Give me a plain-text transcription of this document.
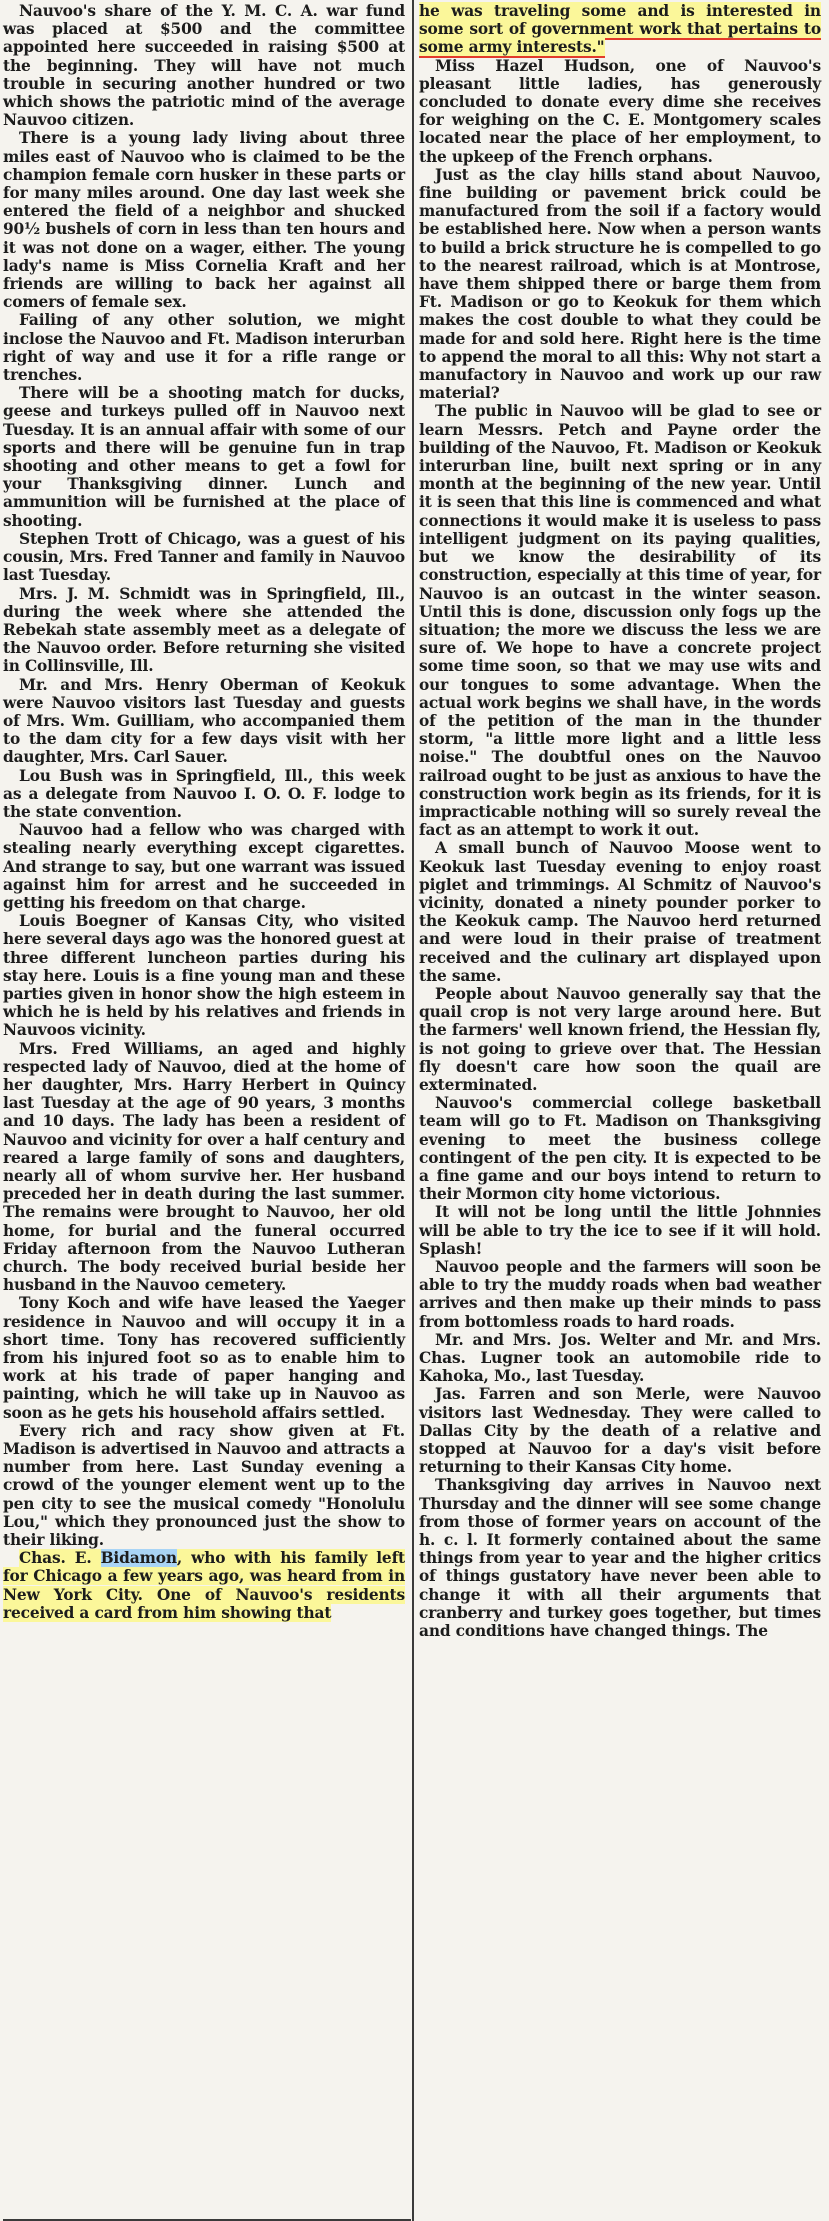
Nauvoo's share of the Y. M. C. A. war fund was placed at $500 and the committee appointed here succeeded in raising $500 at the beginning. They will have not much trouble in securing another hundred or two which shows the patriotic mind of the average Nauvoo citizen.

There is a young lady living about three miles east of Nauvoo who is claimed to be the champion female corn husker in these parts or for many miles around. One day last week she entered the field of a neighbor and shucked 90½ bushels of corn in less than ten hours and it was not done on a wager, either. The young lady's name is Miss Cornelia Kraft and her friends are willing to back her against all comers of female sex.

Failing of any other solution, we might inclose the Nauvoo and Ft. Madison interurban right of way and use it for a rifle range or trenches.

There will be a shooting match for ducks, geese and turkeys pulled off in Nauvoo next Tuesday. It is an annual affair with some of our sports and there will be genuine fun in trap shooting and other means to get a fowl for your Thanksgiving dinner. Lunch and ammunition will be furnished at the place of shooting.

Stephen Trott of Chicago, was a guest of his cousin, Mrs. Fred Tanner and family in Nauvoo last Tuesday.

Mrs. J. M. Schmidt was in Springfield, Ill., during the week where she attended the Rebekah state assembly meet as a delegate of the Nauvoo order. Before returning she visited in Collinsville, Ill.

Mr. and Mrs. Henry Oberman of Keokuk were Nauvoo visitors last Tuesday and guests of Mrs. Wm. Guilliam, who accompanied them to the dam city for a few days visit with her daughter, Mrs. Carl Sauer.

Lou Bush was in Springfield, Ill., this week as a delegate from Nauvoo I. O. O. F. lodge to the state convention.

Nauvoo had a fellow who was charged with stealing nearly everything except cigarettes. And strange to say, but one warrant was issued against him for arrest and he succeeded in getting his freedom on that charge.

Louis Boegner of Kansas City, who visited here several days ago was the honored guest at three different luncheon parties during his stay here. Louis is a fine young man and these parties given in honor show the high esteem in which he is held by his relatives and friends in Nauvoos vicinity.

Mrs. Fred Williams, an aged and highly respected lady of Nauvoo, died at the home of her daughter, Mrs. Harry Herbert in Quincy last Tuesday at the age of 90 years, 3 months and 10 days. The lady has been a resident of Nauvoo and vicinity for over a half century and reared a large family of sons and daughters, nearly all of whom survive her. Her husband preceded her in death during the last summer. The remains were brought to Nauvoo, her old home, for burial and the funeral occurred Friday afternoon from the Nauvoo Lutheran church. The body received burial beside her husband in the Nauvoo cemetery.

Tony Koch and wife have leased the Yaeger residence in Nauvoo and will occupy it in a short time. Tony has recovered sufficiently from his injured foot so as to enable him to work at his trade of paper hanging and painting, which he will take up in Nauvoo as soon as he gets his household affairs settled.

Every rich and racy show given at Ft. Madison is advertised in Nauvoo and attracts a number from here. Last Sunday evening a crowd of the younger element went up to the pen city to see the musical comedy "Honolulu Lou," which they pronounced just the show to their liking.

Chas. E. Bidamon, who with his family left for Chicago a few years ago, was heard from in New York City. One of Nauvoo's residents received a card from him showing that

he was traveling some and is interested in some sort of government work that pertains to some army interests."

Miss Hazel Hudson, one of Nauvoo's pleasant little ladies, has generously concluded to donate every dime she receives for weighing on the C. E. Montgomery scales located near the place of her employment, to the upkeep of the French orphans.

Just as the clay hills stand about Nauvoo, fine building or pavement brick could be manufactured from the soil if a factory would be established here. Now when a person wants to build a brick structure he is compelled to go to the nearest railroad, which is at Montrose, have them shipped there or barge them from Ft. Madison or go to Keokuk for them which makes the cost double to what they could be made for and sold here. Right here is the time to append the moral to all this: Why not start a manufactory in Nauvoo and work up our raw material?

The public in Nauvoo will be glad to see or learn Messrs. Petch and Payne order the building of the Nauvoo, Ft. Madison or Keokuk interurban line, built next spring or in any month at the beginning of the new year. Until it is seen that this line is commenced and what connections it would make it is useless to pass intelligent judgment on its paying qualities, but we know the desirability of its construction, especially at this time of year, for Nauvoo is an outcast in the winter season. Until this is done, discussion only fogs up the situation; the more we discuss the less we are sure of. We hope to have a concrete project some time soon, so that we may use wits and our tongues to some advantage. When the actual work begins we shall have, in the words of the petition of the man in the thunder storm, "a little more light and a little less noise." The doubtful ones on the Nauvoo railroad ought to be just as anxious to have the construction work begin as its friends, for it is impracticable nothing will so surely reveal the fact as an attempt to work it out.

A small bunch of Nauvoo Moose went to Keokuk last Tuesday evening to enjoy roast piglet and trimmings. Al Schmitz of Nauvoo's vicinity, donated a ninety pounder porker to the Keokuk camp. The Nauvoo herd returned and were loud in their praise of treatment received and the culinary art displayed upon the same.

People about Nauvoo generally say that the quail crop is not very large around here. But the farmers' well known friend, the Hessian fly, is not going to grieve over that. The Hessian fly doesn't care how soon the quail are exterminated.

Nauvoo's commercial college basketball team will go to Ft. Madison on Thanksgiving evening to meet the business college contingent of the pen city. It is expected to be a fine game and our boys intend to return to their Mormon city home victorious.

It will not be long until the little Johnnies will be able to try the ice to see if it will hold. Splash!

Nauvoo people and the farmers will soon be able to try the muddy roads when bad weather arrives and then make up their minds to pass from bottomless roads to hard roads.

Mr. and Mrs. Jos. Welter and Mr. and Mrs. Chas. Lugner took an automobile ride to Kahoka, Mo., last Tuesday.

Jas. Farren and son Merle, were Nauvoo visitors last Wednesday. They were called to Dallas City by the death of a relative and stopped at Nauvoo for a day's visit before returning to their Kansas City home.

Thanksgiving day arrives in Nauvoo next Thursday and the dinner will see some change from those of former years on account of the h. c. l. It formerly contained about the same things from year to year and the higher critics of things gustatory have never been able to change it with all their arguments that cranberry and turkey goes together, but times and conditions have changed things. The
